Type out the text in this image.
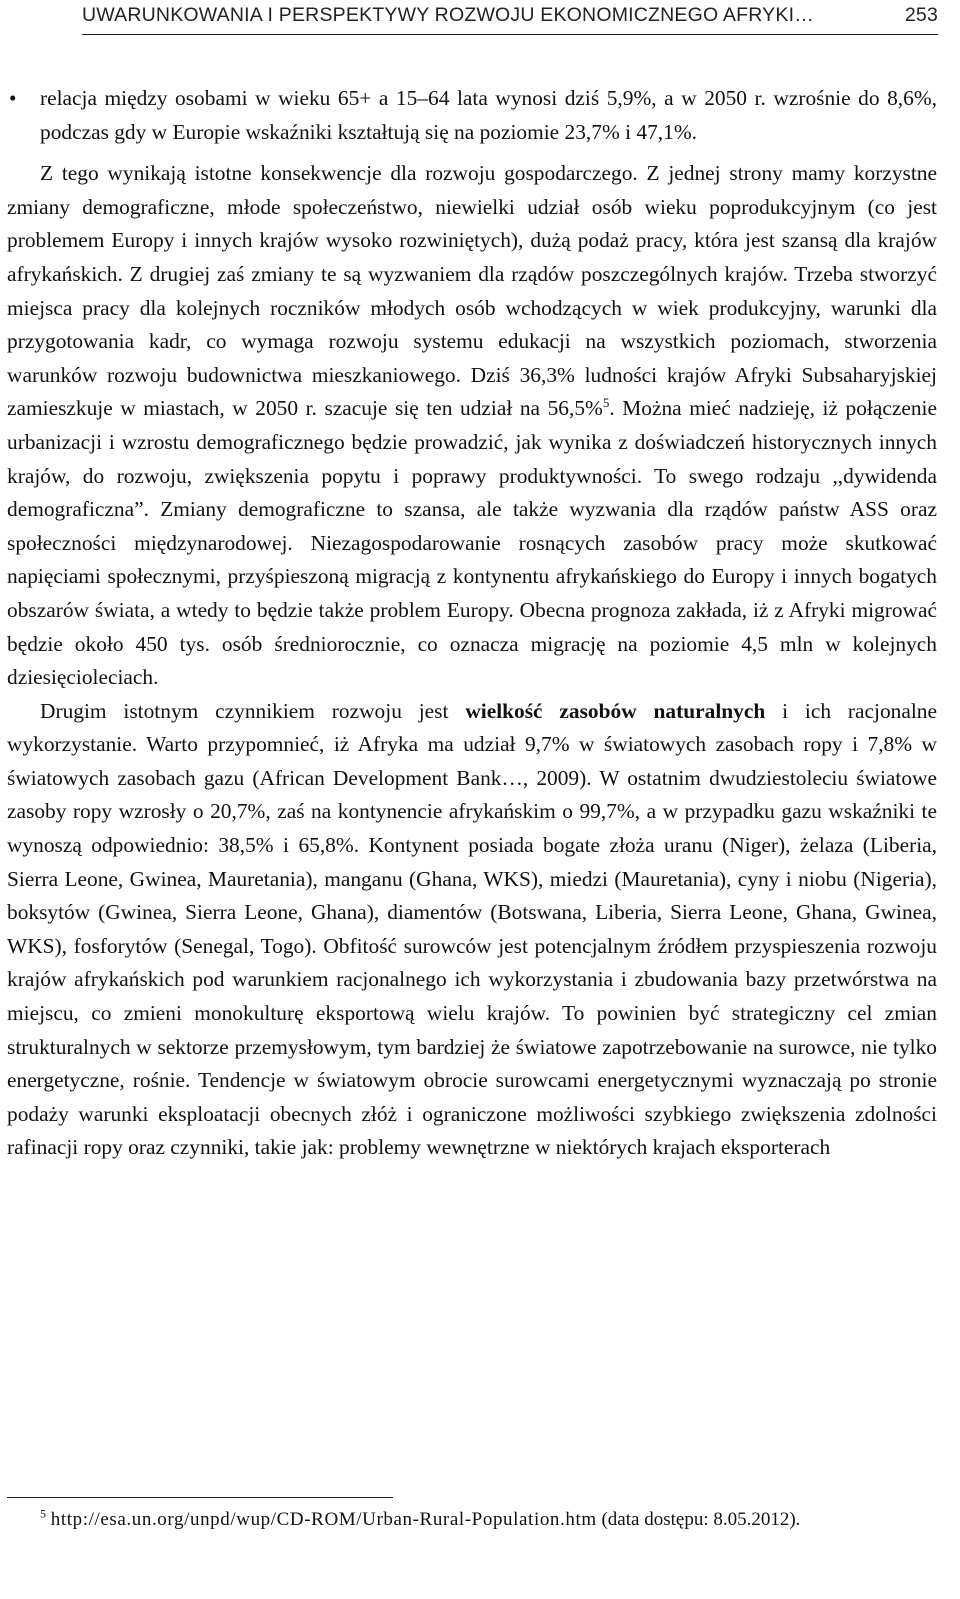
UWARUNKOWANIA I PERSPEKTYWY ROZWOJU EKONOMICZNEGO AFRYKI…	253
• relacja między osobami w wieku 65+ a 15–64 lata wynosi dziś 5,9%, a w 2050 r. wzrośnie do 8,6%, podczas gdy w Europie wskaźniki kształtują się na poziomie 23,7% i 47,1%.

Z tego wynikają istotne konsekwencje dla rozwoju gospodarczego. Z jednej strony mamy korzystne zmiany demograficzne, młode społeczeństwo, niewielki udział osób wieku poprodukcyjnym (co jest problemem Europy i innych krajów wysoko rozwiniętych), dużą podaż pracy, która jest szansą dla krajów afrykańskich. Z drugiej zaś zmiany te są wyzwaniem dla rządów poszczególnych krajów. Trzeba stworzyć miejsca pracy dla kolejnych roczników młodych osób wchodzących w wiek produkcyjny, warunki dla przygotowania kadr, co wymaga rozwoju systemu edukacji na wszystkich poziomach, stworzenia warunków rozwoju budownictwa mieszkaniowego. Dziś 36,3% ludności krajów Afryki Subsaharyjskiej zamieszkuje w miastach, w 2050 r. szacuje się ten udział na 56,5%$^5$. Można mieć nadzieję, iż połączenie urbanizacji i wzrostu demograficznego będzie prowadzić, jak wynika z doświadczeń historycznych innych krajów, do rozwoju, zwiększenia popytu i poprawy produktywności. To swego rodzaju ,,dywidenda demograficzna”. Zmiany demograficzne to szansa, ale także wyzwania dla rządów państw ASS oraz społeczności międzynarodowej. Niezagospodarowanie rosnących zasobów pracy może skutkować napięciami społecznymi, przyśpieszoną migracją z kontynentu afrykańskiego do Europy i innych bogatych obszarów świata, a wtedy to będzie także problem Europy. Obecna prognoza zakłada, iż z Afryki migrować będzie około 450 tys. osób średniorocznie, co oznacza migrację na poziomie 4,5 mln w kolejnych dziesięcioleciach.

Drugim istotnym czynnikiem rozwoju jest wielkość zasobów naturalnych i ich racjonalne wykorzystanie. Warto przypomnieć, iż Afryka ma udział 9,7% w światowych zasobach ropy i 7,8% w światowych zasobach gazu (African Development Bank…, 2009). W ostatnim dwudziestoleciu światowe zasoby ropy wzrosły o 20,7%, zaś na kontynencie afrykańskim o 99,7%, a w przypadku gazu wskaźniki te wynoszą odpowiednio: 38,5% i 65,8%. Kontynent posiada bogate złoża uranu (Niger), żelaza (Liberia, Sierra Leone, Gwinea, Mauretania), manganu (Ghana, WKS), miedzi (Mauretania), cyny i niobu (Nigeria), boksytów (Gwinea, Sierra Leone, Ghana), diamentów (Botswana, Liberia, Sierra Leone, Ghana, Gwinea, WKS), fosforytów (Senegal, Togo). Obfitość surowców jest potencjalnym źródłem przyspieszenia rozwoju krajów afrykańskich pod warunkiem racjonalnego ich wykorzystania i zbudowania bazy przetwórstwa na miejscu, co zmieni monokulturę eksportową wielu krajów. To powinien być strategiczny cel zmian strukturalnych w sektorze przemysłowym, tym bardziej że światowe zapotrzebowanie na surowce, nie tylko energetyczne, rośnie. Tendencje w światowym obrocie surowcami energetycznymi wyznaczają po stronie podaży warunki eksploatacji obecnych złóż i ograniczone możliwości szybkiego zwiększenia zdolności rafinacji ropy oraz czynniki, takie jak: problemy wewnętrzne w niektórych krajach eksporterach

$^5$ http://esa.un.org/unpd/wup/CD-ROM/Urban-Rural-Population.htm (data dostępu: 8.05.2012).
